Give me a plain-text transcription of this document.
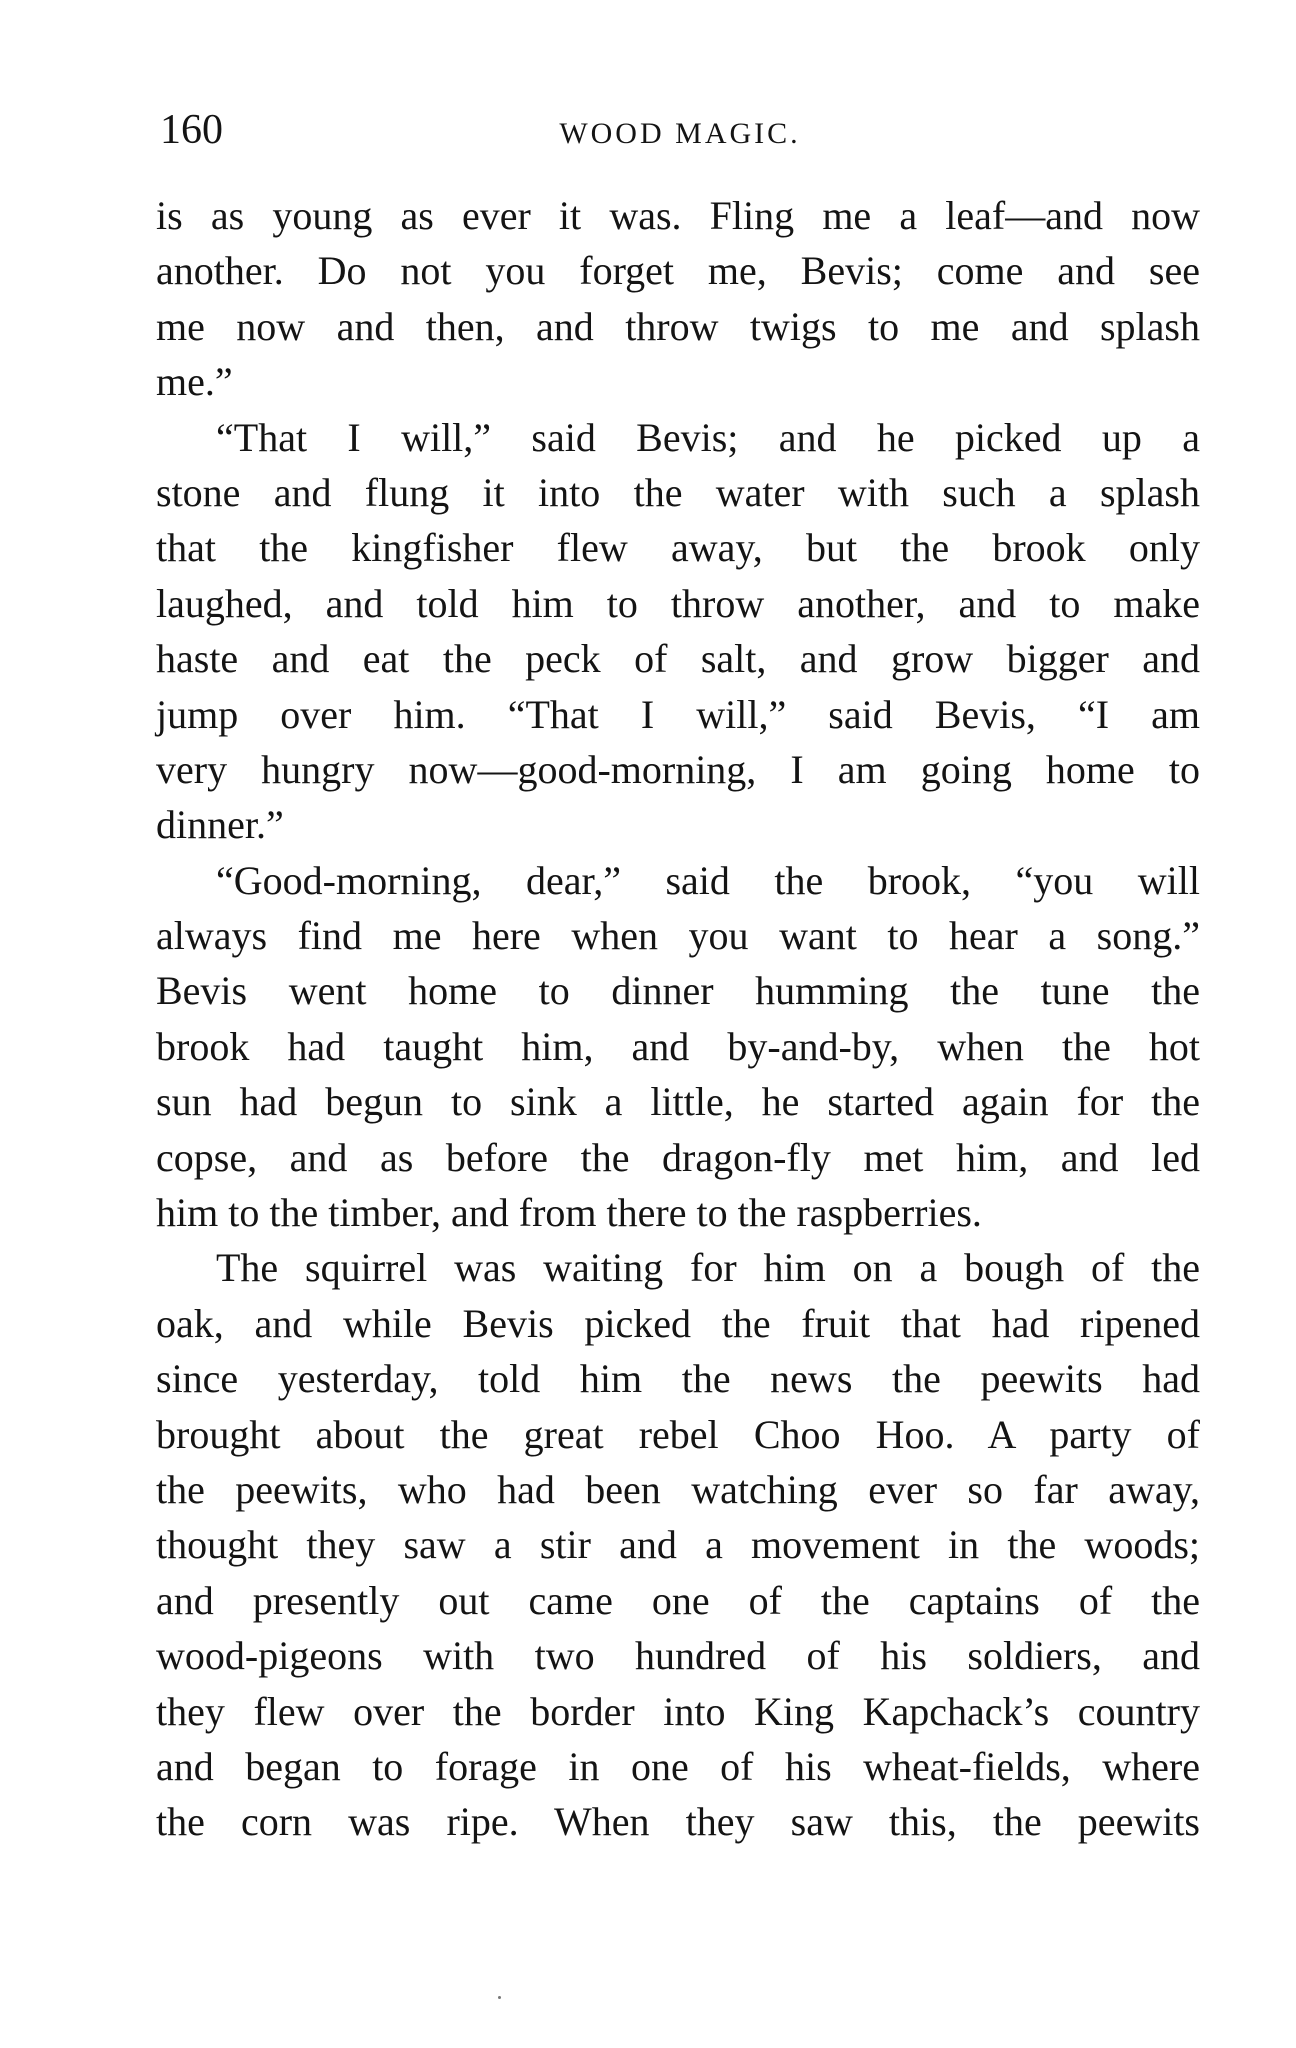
160	WOOD MAGIC.
is as young as ever it was. Fling me a leaf—and now
another. Do not you forget me, Bevis; come and see
me now and then, and throw twigs to me and splash
me.”
“That I will,” said Bevis; and he picked up a
stone and flung it into the water with such a splash
that the kingfisher flew away, but the brook only
laughed, and told him to throw another, and to make
haste and eat the peck of salt, and grow bigger and
jump over him. “That I will,” said Bevis, “I am
very hungry now—good-morning, I am going home to
dinner.”
“Good-morning, dear,” said the brook, “you will
always find me here when you want to hear a song.”
Bevis went home to dinner humming the tune the
brook had taught him, and by-and-by, when the hot
sun had begun to sink a little, he started again for the
copse, and as before the dragon-fly met him, and led
him to the timber, and from there to the raspberries.
The squirrel was waiting for him on a bough of the
oak, and while Bevis picked the fruit that had ripened
since yesterday, told him the news the peewits had
brought about the great rebel Choo Hoo. A party of
the peewits, who had been watching ever so far away,
thought they saw a stir and a movement in the woods;
and presently out came one of the captains of the
wood-pigeons with two hundred of his soldiers, and
they flew over the border into King Kapchack’s country
and began to forage in one of his wheat-fields, where
the corn was ripe. When they saw this, the peewits
